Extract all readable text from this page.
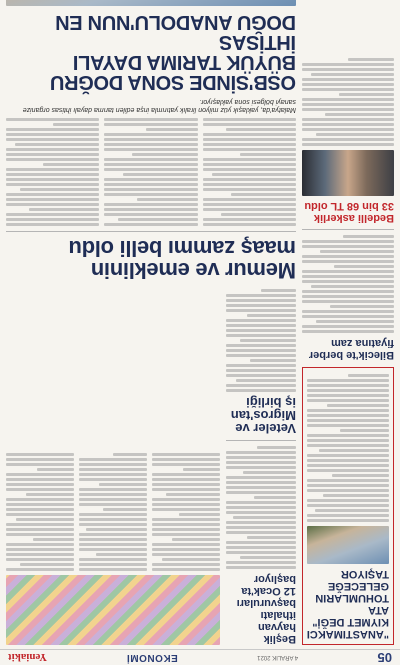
05
4 ARALIK 2021
EKONOMİ
Yeniakit
"ANASTIMAKCI KIYMET DEĞİ" ATA TOHUMLARIN GELECEĞE TAŞIYOR
Bilecik'te berber fiyatına zam
Bedelli askerlik 33 bin 68 TL oldu
Beşlik hayvan ithalatı başvuruları 12 Ocak'ta başlıyor
Veteler ve Migros'tan iş birliği
Memur ve emeklinin
maaş zammı belli oldu
Malatya'da, yaklaşık yüz milyon liralık yatırımla inşa edilen tarıma dayalı ihtisas organize sanayi bölgesi sona yaklaşıyor.
OSB'SİNDE SONA DOĞRU
BÜYÜK TARIMA DAYALI İHTİSAS
DOĞU ANADOLU'NUN EN
